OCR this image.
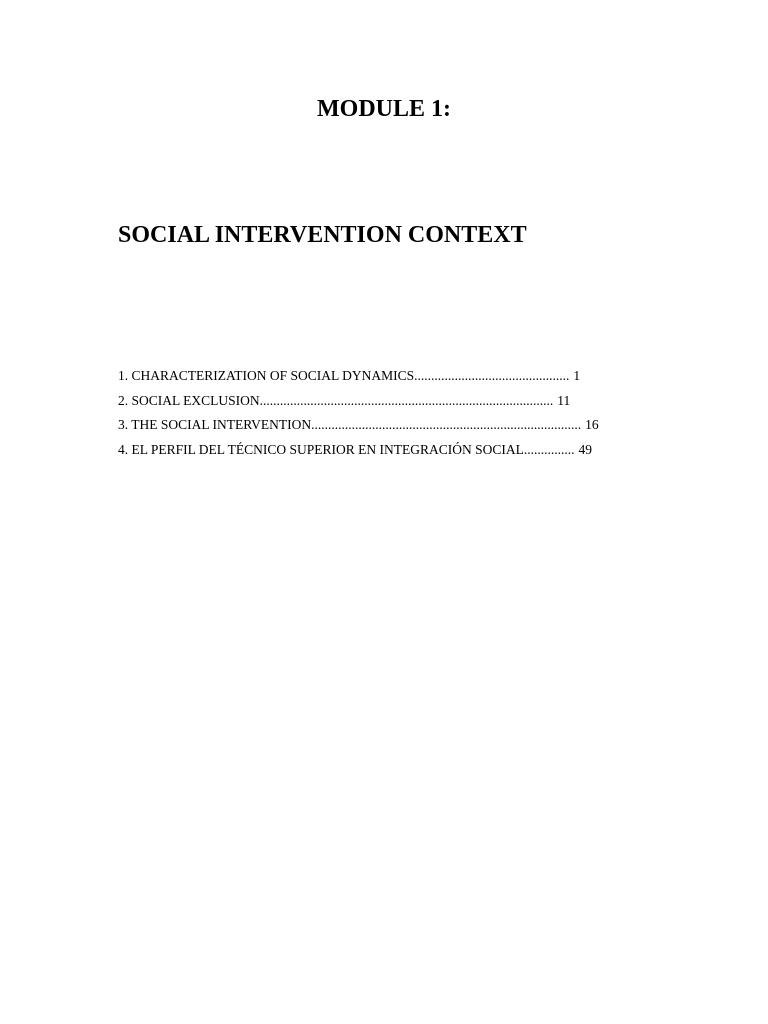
MODULE 1:
SOCIAL INTERVENTION CONTEXT
1. CHARACTERIZATION OF SOCIAL DYNAMICS .............................................. 1
2. SOCIAL EXCLUSION ....................................................................................... 11
3. THE SOCIAL INTERVENTION ................................................................................ 16
4. EL PERFIL DEL TÉCNICO SUPERIOR EN INTEGRACIÓN SOCIAL ............... 49
